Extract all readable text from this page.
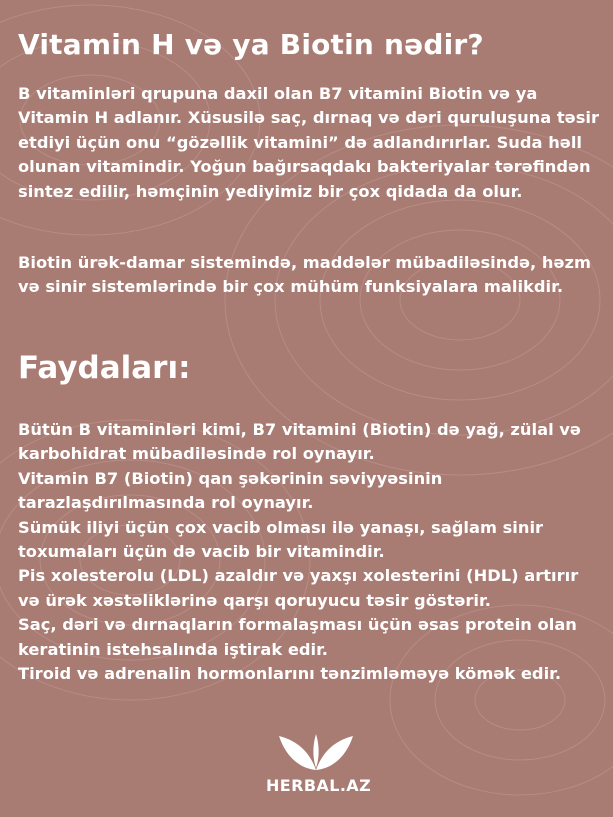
Vitamin H və ya Biotin nədir?

B vitaminləri qrupuna daxil olan B7 vitamini Biotin və ya Vitamin H adlanır. Xüsusilə saç, dırnaq və dəri quruluşuna təsir etdiyi üçün onu “gözəllik vitamini” də adlandırırlar. Suda həll olunan vitamindir. Yoğun bağırsaqdakı bakteriyalar tərəfindən sintez edilir, həmçinin yediyimiz bir çox qidada da olur.

Biotin ürək-damar sistemində, maddələr mübadiləsində, həzm və sinir sistemlərində bir çox mühüm funksiyalara malikdir.

Faydaları:
Bütün B vitaminləri kimi, B7 vitamini (Biotin) də yağ, zülal və karbohidrat mübadiləsində rol oynayır.
Vitamin B7 (Biotin) qan şəkərinin səviyyəsinin tarazlaşdırılmasında rol oynayır.
Sümük iliyi üçün çox vacib olması ilə yanaşı, sağlam sinir toxumaları üçün də vacib bir vitamindir.
Pis xolesterolu (LDL) azaldır və yaxşı xolesterini (HDL) artırır və ürək xəstəliklərinə qarşı qoruyucu təsir göstərir.
Saç, dəri və dırnaqların formalaşması üçün əsas protein olan keratinin istehsalında iştirak edir.
Tiroid və adrenalin hormonlarını tənzimləməyə kömək edir.
HERBAL.AZ
